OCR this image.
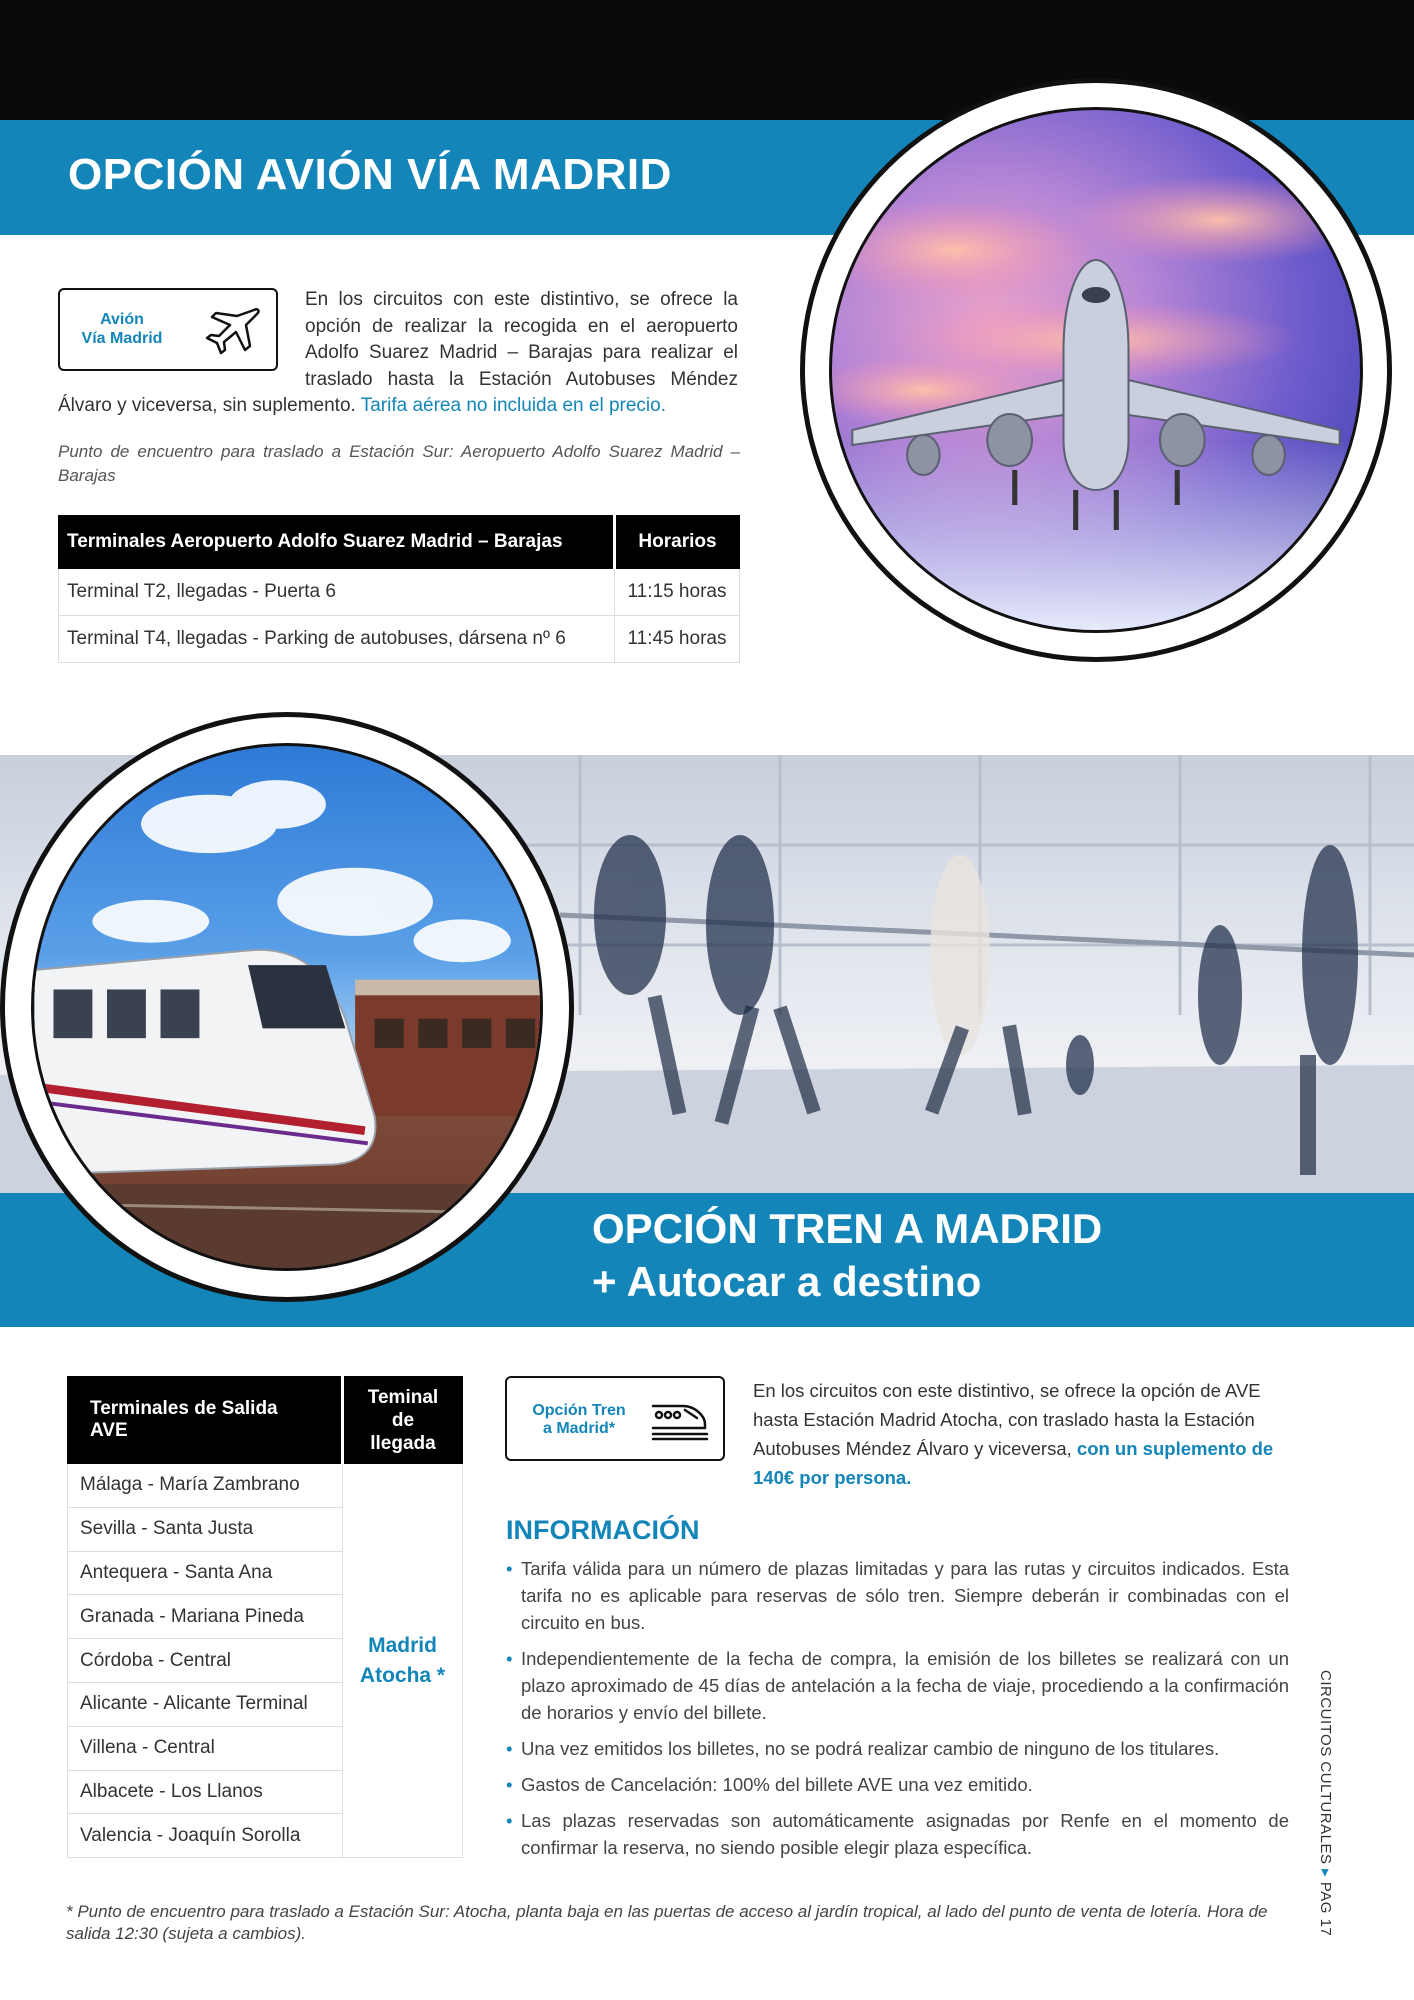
OPCIÓN AVIÓN VÍA MADRID
En los circuitos con este distintivo, se ofrece la opción de realizar la recogida en el aeropuerto Adolfo Suarez Madrid – Barajas para realizar el traslado hasta la Estación Autobuses Méndez Álvaro y viceversa, sin suplemento. Tarifa aérea no incluida en el precio.
Avión
Vía Madrid
Punto de encuentro para traslado a Estación Sur: Aeropuerto Adolfo Suarez Madrid – Barajas
Terminales Aeropuerto Adolfo Suarez Madrid – Barajas	Horarios
Terminal T2, llegadas - Puerta 6	11:15 horas
Terminal T4, llegadas - Parking de autobuses, dársena nº 6	11:45 horas
OPCIÓN TREN A MADRID
+ Autocar a destino
Terminales de Salida AVE	Teminal
de
llegada

Málaga - María Zambrano	Madrid
Atocha *

Sevilla - Santa Justa	
Antequera - Santa Ana	
Granada - Mariana Pineda	
Córdoba - Central	
Alicante - Alicante Terminal	
Villena - Central	
Albacete - Los Llanos	
Valencia - Joaquín Sorolla	
Opción Tren
a Madrid*
En los circuitos con este distintivo, se ofrece la opción de AVE hasta Estación Madrid Atocha, con traslado hasta la Estación Autobuses Méndez Álvaro y viceversa, con un suplemento de 140€ por persona.
INFORMACIÓN
• Tarifa válida para un número de plazas limitadas y para las rutas y circuitos indicados. Esta tarifa no es aplicable para reservas de sólo tren. Siempre deberán ir combinadas con el circuito en bus.
• Independientemente de la fecha de compra, la emisión de los billetes se realizará con un plazo aproximado de 45 días de antelación a la fecha de viaje, procediendo a la confirmación de horarios y envío del billete.
• Una vez emitidos los billetes, no se podrá realizar cambio de ninguno de los titulares.
• Gastos de Cancelación: 100% del billete AVE una vez emitido.
• Las plazas reservadas son automáticamente asignadas por Renfe en el momento de confirmar la reserva, no siendo posible elegir plaza específica.
* Punto de encuentro para traslado a Estación Sur: Atocha, planta baja en las puertas de acceso al jardín tropical, al lado del punto de venta de lotería. Hora de salida 12:30 (sujeta a cambios).
CIRCUITOS CULTURALES ▸ PAG 17
